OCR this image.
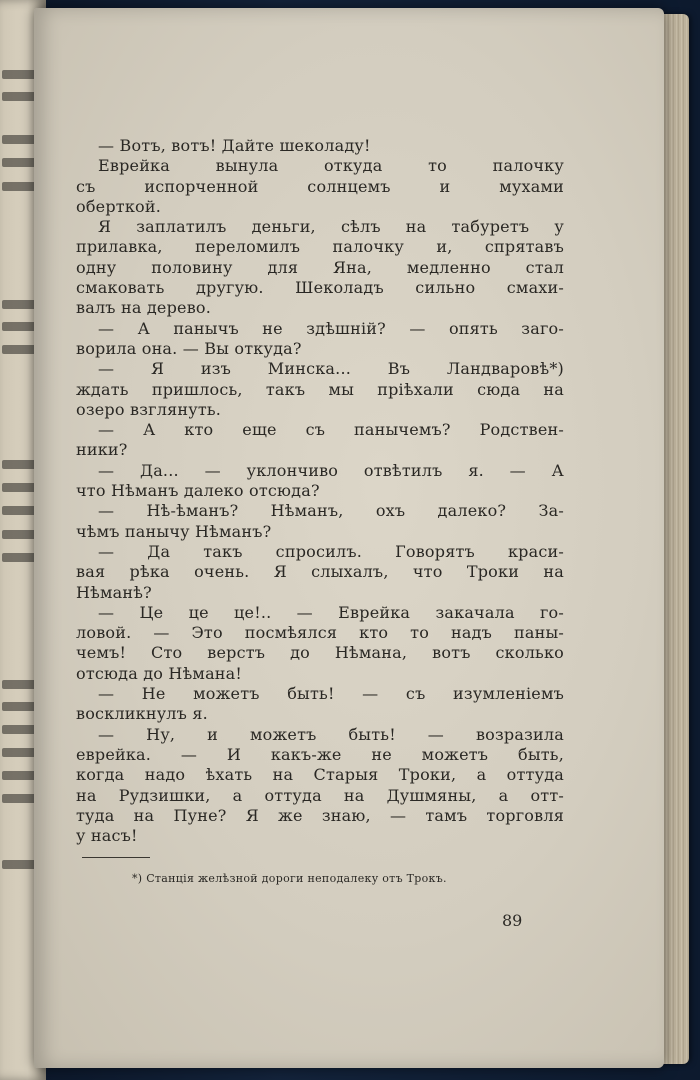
— Вотъ, вотъ! Дайте шеколаду!
Еврейка вынула откуда то палочку
съ испорченной солнцемъ и мухами
оберткой.
Я заплатилъ деньги, сѣлъ на табуретъ у
прилавка, переломилъ палочку и, спрятавъ
одну половину для Яна, медленно стал
смаковать другую. Шеколадъ сильно смахи-
валъ на дерево.
— А панычъ не здѣшній? — опять заго-
ворила она. — Вы откуда?
— Я изъ Минска... Въ Ландваровѣ*)
ждать пришлось, такъ мы пріѣхали сюда на
озеро взглянуть.
— А кто еще съ панычемъ? Родствен-
ники?
— Да... — уклончиво отвѣтилъ я. — А
что Нѣманъ далеко отсюда?
— Нѣ-ѣманъ? Нѣманъ, охъ далеко? За-
чѣмъ панычу Нѣманъ?
— Да такъ спросилъ. Говорятъ краси-
вая рѣка очень. Я слыхалъ, что Троки на
Нѣманѣ?
— Це це це!.. — Еврейка закачала го-
ловой. — Это посмѣялся кто то надъ паны-
чемъ! Сто верстъ до Нѣмана, вотъ сколько
отсюда до Нѣмана!
— Не можетъ быть! — съ изумленіемъ
воскликнулъ я.
— Ну, и можетъ быть! — возразила
еврейка. — И какъ-же не можетъ быть,
когда надо ѣхать на Старыя Троки, а оттуда
на Рудзишки, а оттуда на Душмяны, а отт-
туда на Пуне? Я же знаю, — тамъ торговля
у насъ!
*) Станція желѣзной дороги неподалеку отъ Трокъ.
89
